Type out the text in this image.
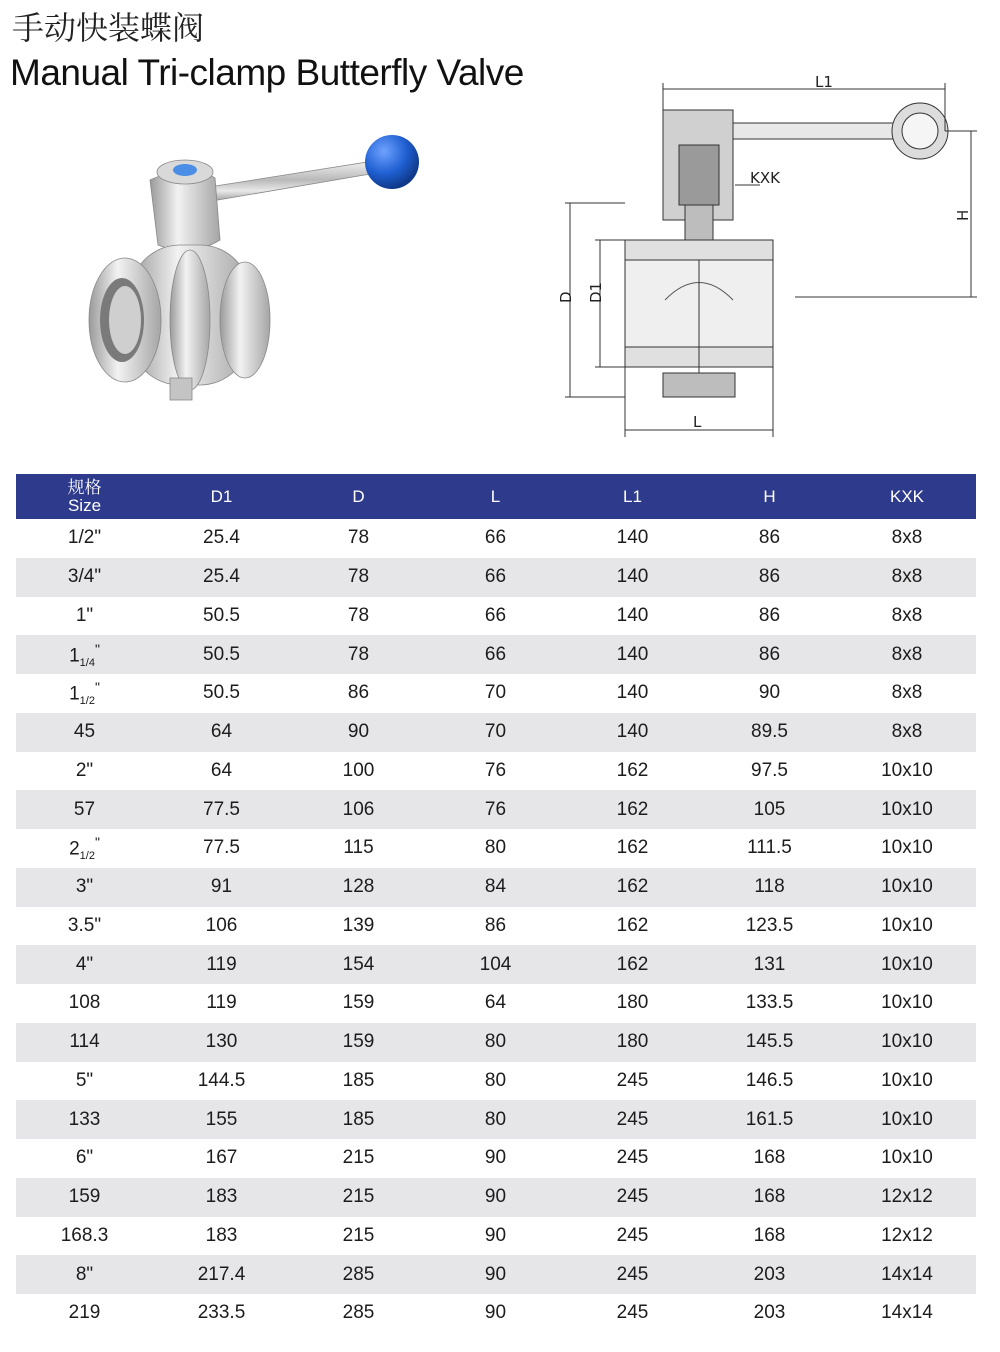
手动快装蝶阀
Manual Tri-clamp Butterfly Valve	L1
KXK
H
D D1
L
规格
Size	D1	D	L	L1	H	KXK
1/2"	25.4	78	66	140	86	8x8
3/4"	25.4	78	66	140	86	8x8
1"	50.5	78	66	140	86	8x8
$1_{1/4}^"$	50.5	78	66	140	86	8x8
$1_{1/2}^"$	50.5	86	70	140	90	8x8
45	64	90	70	140	89.5	8x8
2"	64	100	76	162	97.5	10x10
57	77.5	106	76	162	105	10x10
$2_{1/2}^"$	77.5	115	80	162	111.5	10x10
3"	91	128	84	162	118	10x10
3.5"	106	139	86	162	123.5	10x10
4"	119	154	104	162	131	10x10
108	119	159	64	180	133.5	10x10
114	130	159	80	180	145.5	10x10
5"	144.5	185	80	245	146.5	10x10
133	155	185	80	245	161.5	10x10
6"	167	215	90	245	168	10x10
159	183	215	90	245	168	12x12
168.3	183	215	90	245	168	12x12
8"	217.4	285	90	245	203	14x14
219	233.5	285	90	245	203	14x14
